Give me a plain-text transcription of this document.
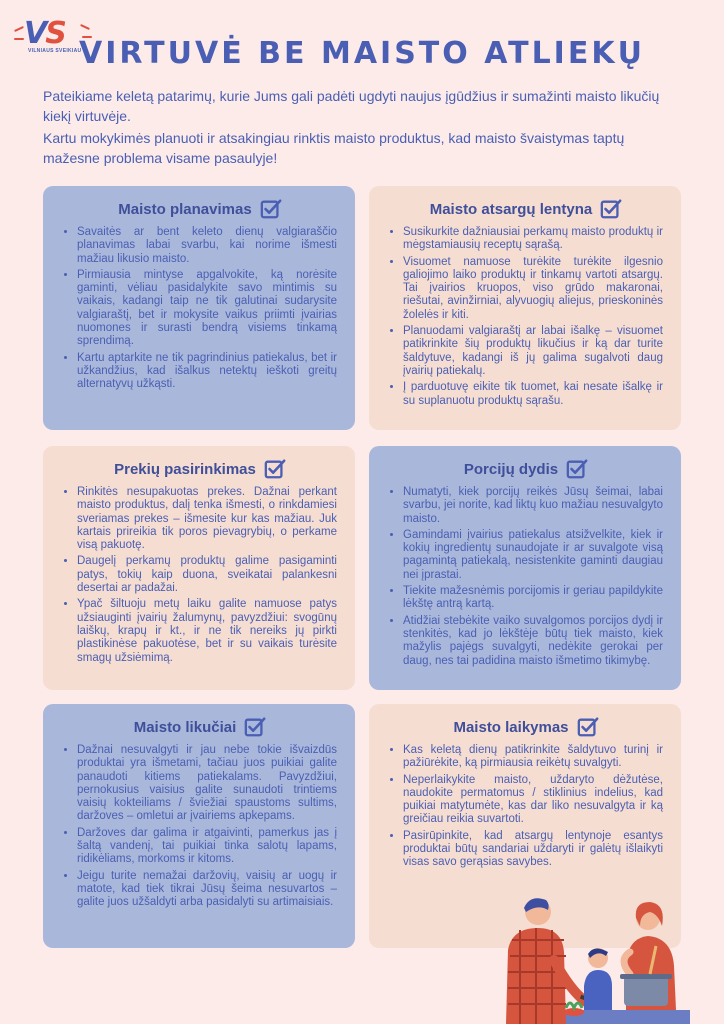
VS
VILNIAUS SVEIKIAU
VIRTUVĖ BE MAISTO ATLIEKŲ

Pateikiame keletą patarimų, kurie Jums gali padėti ugdyti naujus įgūdžius ir sumažinti maisto likučių kiekį virtuvėje.

Kartu mokykimės planuoti ir atsakingiau rinktis maisto produktus, kad maisto švaistymas taptų mažesne problema visame pasaulyje!

Maisto planavimas
• Savaitės ar bent keleto dienų valgiaraščio planavimas labai svarbu, kai norime išmesti mažiau likusio maisto.
• Pirmiausia mintyse apgalvokite, ką norėsite gaminti, vėliau pasidalykite savo mintimis su vaikais, kadangi taip ne tik galutinai sudarysite valgiaraštį, bet ir mokysite vaikus priimti įvairias nuomones ir surasti bendrą visiems tinkamą sprendimą.
• Kartu aptarkite ne tik pagrindinius patiekalus, bet ir užkandžius, kad išalkus netektų ieškoti greitų alternatyvų užkąsti.
Maisto atsargų lentyna
• Susikurkite dažniausiai perkamų maisto produktų ir mėgstamiausių receptų sąrašą.
• Visuomet namuose turėkite turėkite ilgesnio galiojimo laiko produktų ir tinkamų vartoti atsargų. Tai įvairios kruopos, viso grūdo makaronai, riešutai, avinžirniai, alyvuogių aliejus, prieskoninės žolelės ir kiti.
• Planuodami valgiaraštį ar labai išalkę – visuomet patikrinkite šių produktų likučius ir ką dar turite šaldytuve, kadangi iš jų galima sugalvoti daug įvairių patiekalų.
• Į parduotuvę eikite tik tuomet, kai nesate išalkę ir su suplanuotu produktų sąrašu.
Prekių pasirinkimas
• Rinkitės nesupakuotas prekes. Dažnai perkant maisto produktus, dalį tenka išmesti, o rinkdamiesi sveriamas prekes – išmesite kur kas mažiau. Juk kartais prireikia tik poros pievagrybių, o perkame visą pakuotę.
• Daugelį perkamų produktų galime pasigaminti patys, tokių kaip duona, sveikatai palankesni desertai ar padažai.
• Ypač šiltuoju metų laiku galite namuose patys užsiauginti įvairių žalumynų, pavyzdžiui: svogūnų laiškų, krapų ir kt., ir ne tik nereiks jų pirkti plastikinėse pakuotėse, bet ir su vaikais turėsite smagų užsiėmimą.
Porcijų dydis
• Numatyti, kiek porcijų reikės Jūsų šeimai, labai svarbu, jei norite, kad liktų kuo mažiau nesuvalgyto maisto.
• Gamindami įvairius patiekalus atsižvelkite, kiek ir kokių ingredientų sunaudojate ir ar suvalgote visą pagamintą patiekalą, nesistenkite gaminti daugiau nei įprastai.
• Tiekite mažesnėmis porcijomis ir geriau papildykite lėkštę antrą kartą.
• Atidžiai stebėkite vaiko suvalgomos porcijos dydį ir stenkitės, kad jo lėkštėje būtų tiek maisto, kiek mažylis pajėgs suvalgyti, nedėkite gerokai per daug, nes tai padidina maisto išmetimo tikimybę.
Maisto likučiai
• Dažnai nesuvalgyti ir jau nebe tokie išvaizdūs produktai yra išmetami, tačiau juos puikiai galite panaudoti kitiems patiekalams. Pavyzdžiui, pernokusius vaisius galite sunaudoti trintiems vaisių kokteiliams / šviežiai spaustoms sultims, daržoves – omletui ar įvairiems apkepams.
• Daržoves dar galima ir atgaivinti, pamerkus jas į šaltą vandenį, tai puikiai tinka salotų lapams, ridikėliams, morkoms ir kitoms.
• Jeigu turite nemažai daržovių, vaisių ar uogų ir matote, kad tiek tikrai Jūsų šeima nesuvartos – galite juos užšaldyti arba pasidalyti su artimaisiais.
Maisto laikymas
• Kas keletą dienų patikrinkite šaldytuvo turinį ir pažiūrėkite, ką pirmiausia reikėtų suvalgyti.
• Neperlaikykite maisto, uždaryto dėžutėse, naudokite permatomus / stiklinius indelius, kad puikiai matytumėte, kas dar liko nesuvalgyta ir ką greičiau reikia suvartoti.
• Pasirūpinkite, kad atsargų lentynoje esantys produktai būtų sandariai uždaryti ir galėtų išlaikyti visas savo gerąsias savybes.
